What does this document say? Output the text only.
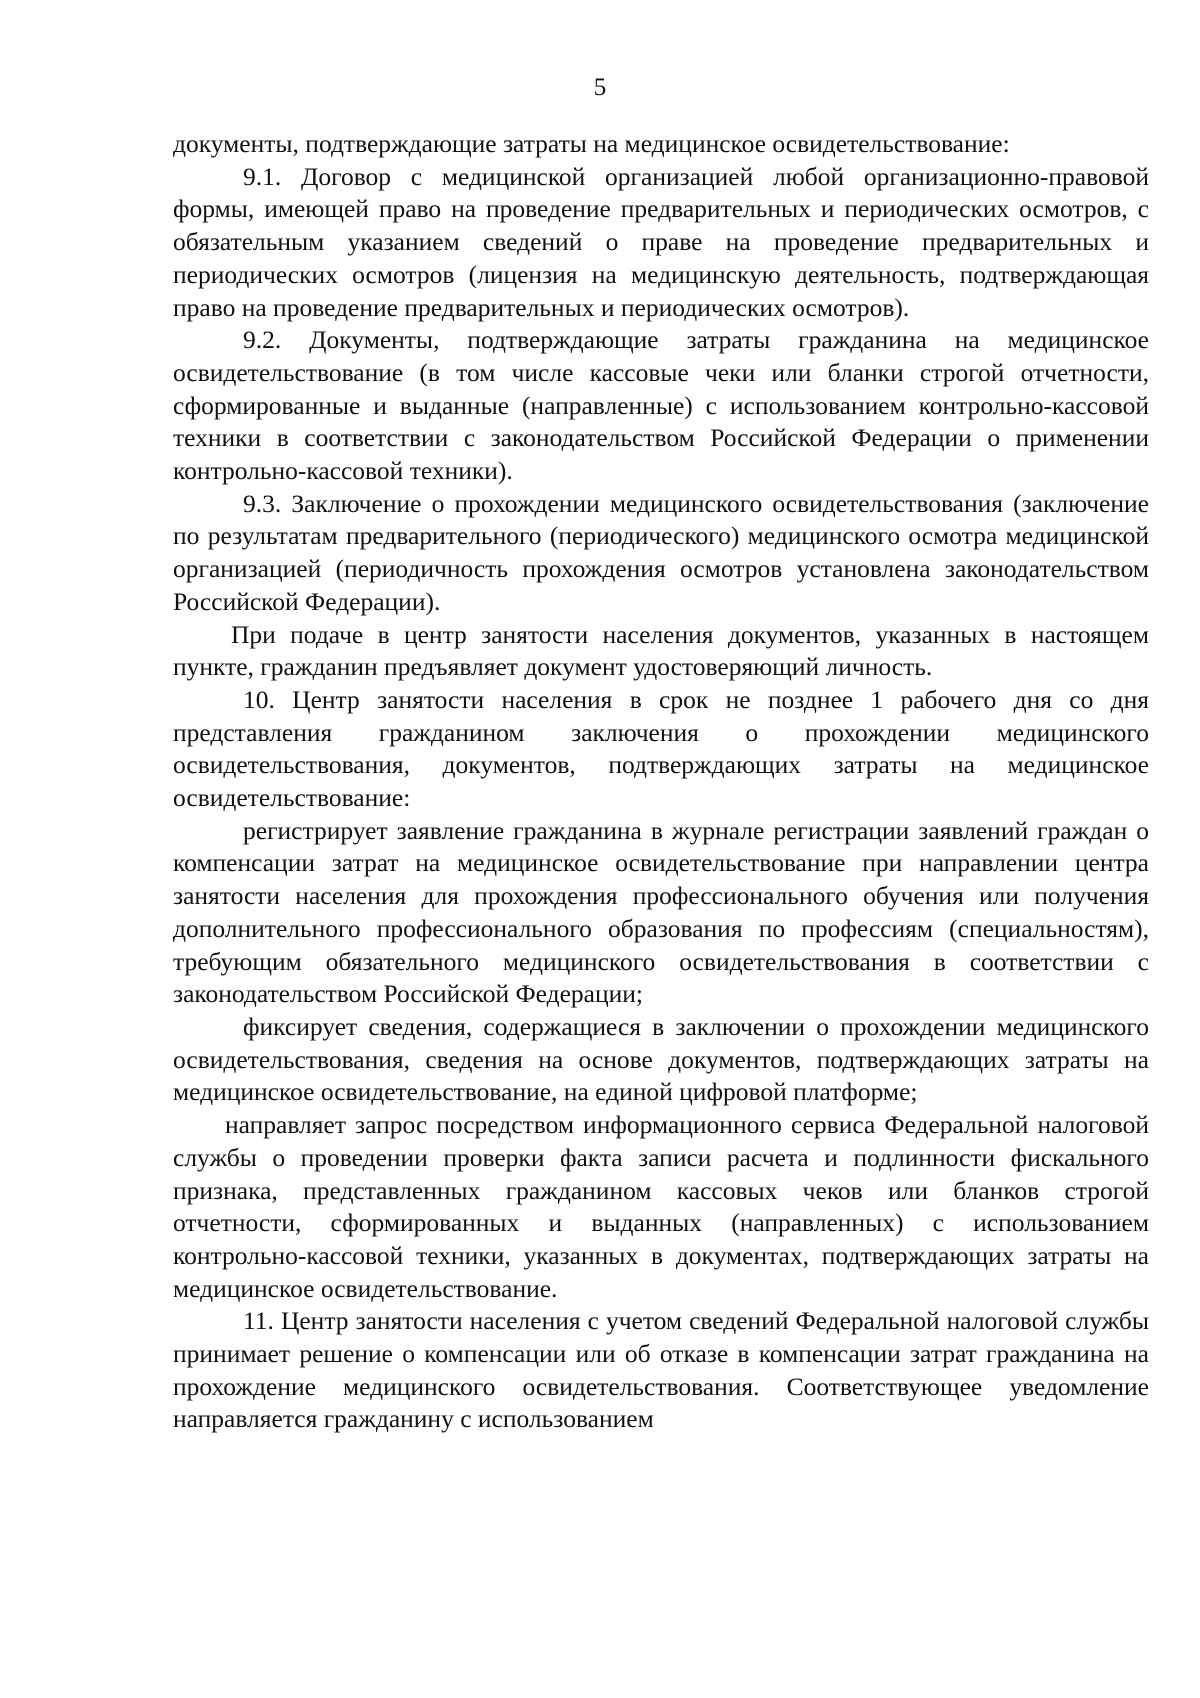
5

документы, подтверждающие затраты на медицинское освидетельствование:

9.1. Договор с медицинской организацией любой организационно-правовой формы, имеющей право на проведение предварительных и периодических осмотров, с обязательным указанием сведений о праве на проведение предварительных и периодических осмотров (лицензия на медицинскую деятельность, подтверждающая право на проведение предварительных и периодических осмотров).

9.2. Документы, подтверждающие затраты гражданина на медицинское освидетельствование (в том числе кассовые чеки или бланки строгой отчетности, сформированные и выданные (направленные) с использованием контрольно-кассовой техники в соответствии с законодательством Российской Федерации о применении контрольно-кассовой техники).

9.3. Заключение о прохождении медицинского освидетельствования (заключение по результатам предварительного (периодического) медицинского осмотра медицинской организацией (периодичность прохождения осмотров установлена законодательством Российской Федерации).

При подаче в центр занятости населения документов, указанных в настоящем пункте, гражданин предъявляет документ удостоверяющий личность.

10. Центр занятости населения в срок не позднее 1 рабочего дня со дня представления гражданином заключения о прохождении медицинского освидетельствования, документов, подтверждающих затраты на медицинское освидетельствование:

регистрирует заявление гражданина в журнале регистрации заявлений граждан о компенсации затрат на медицинское освидетельствование при направлении центра занятости населения для прохождения профессионального обучения или получения дополнительного профессионального образования по профессиям (специальностям), требующим обязательного медицинского освидетельствования в соответствии с законодательством Российской Федерации;

фиксирует сведения, содержащиеся в заключении о прохождении медицинского освидетельствования, сведения на основе документов, подтверждающих затраты на медицинское освидетельствование, на единой цифровой платформе;

направляет запрос посредством информационного сервиса Федеральной налоговой службы о проведении проверки факта записи расчета и подлинности фискального признака, представленных гражданином кассовых чеков или бланков строгой отчетности, сформированных и выданных (направленных) с использованием контрольно-кассовой техники, указанных в документах, подтверждающих затраты на медицинское освидетельствование.

11. Центр занятости населения с учетом сведений Федеральной налоговой службы принимает решение о компенсации или об отказе в компенсации затрат гражданина на прохождение медицинского освидетельствования. Соответствующее уведомление направляется гражданину с использованием
